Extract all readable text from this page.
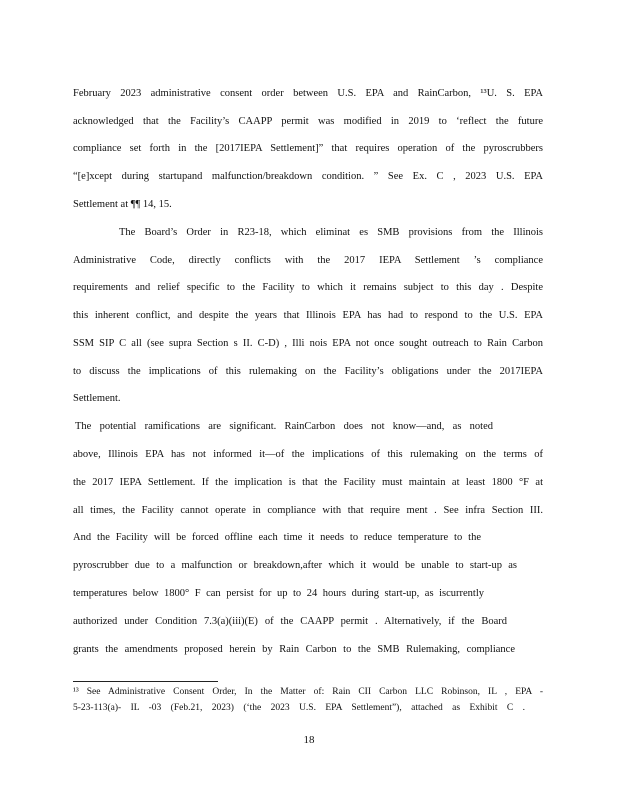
February 2023 administrative consent order between U.S. EPA and RainCarbon, ¹³U. S. EPA
acknowledged that the Facility’s CAAPP permit was modified in 2019 to ‘reflect the future
compliance set forth in the [2017IEPA Settlement]” that requires operation of the pyroscrubbers
“[e]xcept during startupand malfunction/breakdown condition. ” See Ex. C , 2023 U.S. EPA
Settlement at ¶¶ 14, 15.
The Board’s Order in R23-18, which eliminat es SMB provisions from the Illinois
Administrative Code, directly conflicts with the 2017 IEPA Settlement ’s compliance
requirements and relief specific to the Facility to which it remains subject to this day . Despite
this inherent conflict, and despite the years that Illinois EPA has had to respond to the U.S. EPA
SSM SIP C all (see supra Section s II. C-D) , Illi nois EPA not once sought outreach to Rain Carbon
to discuss the implications of this rulemaking on the Facility’s obligations under the 2017IEPA
Settlement.
The potential ramifications are significant. RainCarbon does not know—and, as noted
above, Illinois EPA has not informed it—of the implications of this rulemaking on the terms of
the 2017 IEPA Settlement. If the implication is that the Facility must maintain at least 1800 °F at
all times, the Facility cannot operate in compliance with that require ment . See infra Section III.
And the Facility will be forced offline each time it needs to reduce temperature to the
pyroscrubber due to a malfunction or breakdown,after which it would be unable to start-up as
temperatures below 1800° F can persist for up to 24 hours during start-up, as iscurrently
authorized under Condition 7.3(a)(iii)(E) of the CAAPP permit . Alternatively, if the Board
grants the amendments proposed herein by Rain Carbon to the SMB Rulemaking, compliance
¹³ See Administrative Consent Order, In the Matter of: Rain CII Carbon LLC Robinson, IL , EPA -
5-23-113(a)- IL -03 (Feb.21, 2023) (‘the 2023 U.S. EPA Settlement”), attached as Exhibit C .
18
